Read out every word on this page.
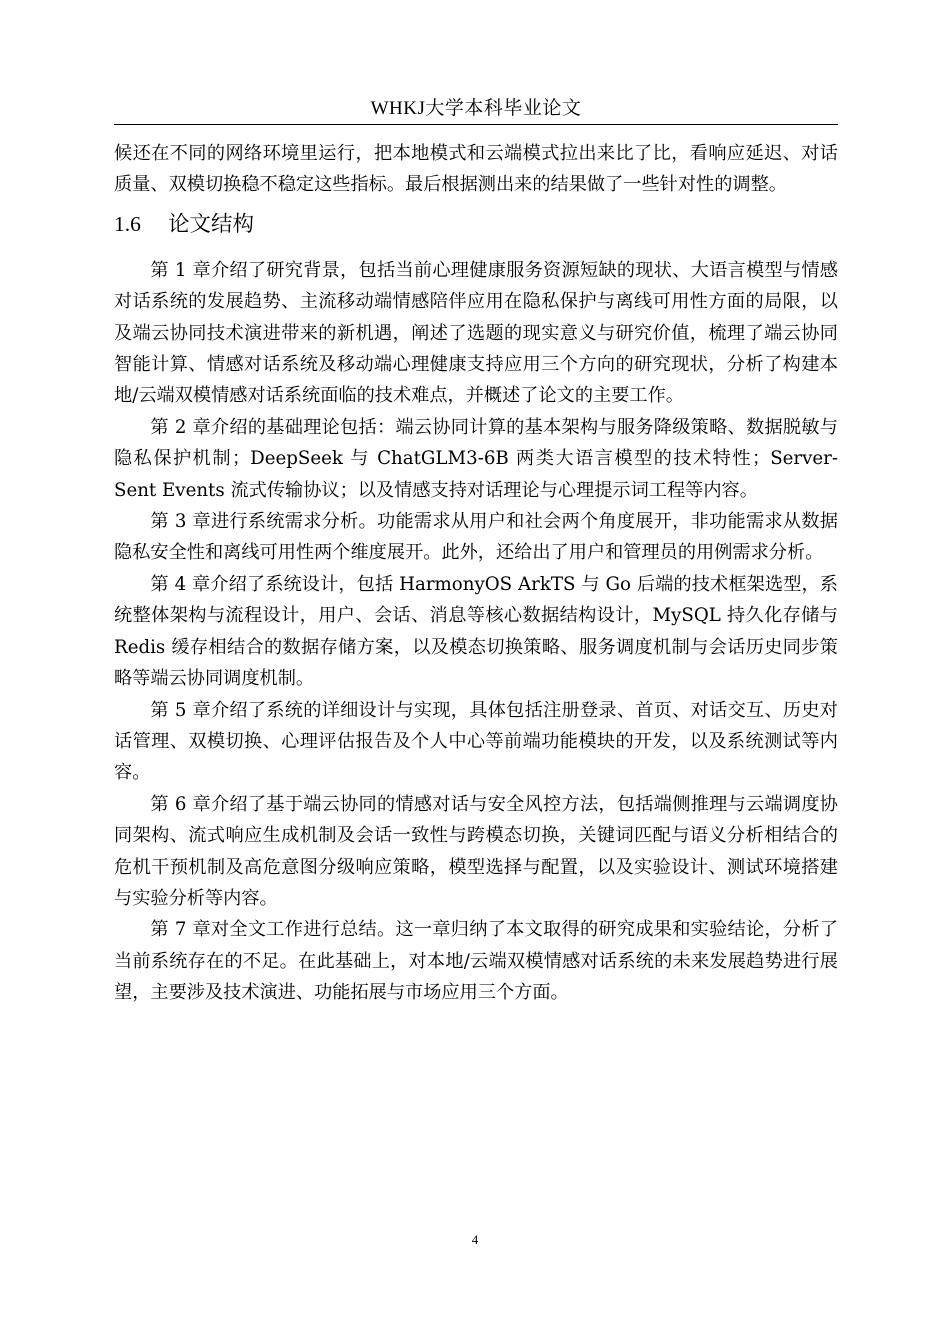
WHKJ大学本科毕业论文

候还在不同的网络环境里运行，把本地模式和云端模式拉出来比了比，看响应延迟、对话质量、双模切换稳不稳定这些指标。最后根据测出来的结果做了一些针对性的调整。

1.6 论文结构

第 1 章介绍了研究背景，包括当前心理健康服务资源短缺的现状、大语言模型与情感对话系统的发展趋势、主流移动端情感陪伴应用在隐私保护与离线可用性方面的局限，以及端云协同技术演进带来的新机遇，阐述了选题的现实意义与研究价值，梳理了端云协同智能计算、情感对话系统及移动端心理健康支持应用三个方向的研究现状，分析了构建本地/云端双模情感对话系统面临的技术难点，并概述了论文的主要工作。

第 2 章介绍的基础理论包括：端云协同计算的基本架构与服务降级策略、数据脱敏与隐私保护机制；DeepSeek 与 ChatGLM3-6B 两类大语言模型的技术特性；Server-Sent Events 流式传输协议；以及情感支持对话理论与心理提示词工程等内容。

第 3 章进行系统需求分析。功能需求从用户和社会两个角度展开，非功能需求从数据隐私安全性和离线可用性两个维度展开。此外，还给出了用户和管理员的用例需求分析。

第 4 章介绍了系统设计，包括 HarmonyOS ArkTS 与 Go 后端的技术框架选型，系统整体架构与流程设计，用户、会话、消息等核心数据结构设计，MySQL 持久化存储与 Redis 缓存相结合的数据存储方案，以及模态切换策略、服务调度机制与会话历史同步策略等端云协同调度机制。

第 5 章介绍了系统的详细设计与实现，具体包括注册登录、首页、对话交互、历史对话管理、双模切换、心理评估报告及个人中心等前端功能模块的开发，以及系统测试等内容。

第 6 章介绍了基于端云协同的情感对话与安全风控方法，包括端侧推理与云端调度协同架构、流式响应生成机制及会话一致性与跨模态切换，关键词匹配与语义分析相结合的危机干预机制及高危意图分级响应策略，模型选择与配置，以及实验设计、测试环境搭建与实验分析等内容。

第 7 章对全文工作进行总结。这一章归纳了本文取得的研究成果和实验结论，分析了当前系统存在的不足。在此基础上，对本地/云端双模情感对话系统的未来发展趋势进行展望，主要涉及技术演进、功能拓展与市场应用三个方面。

4
